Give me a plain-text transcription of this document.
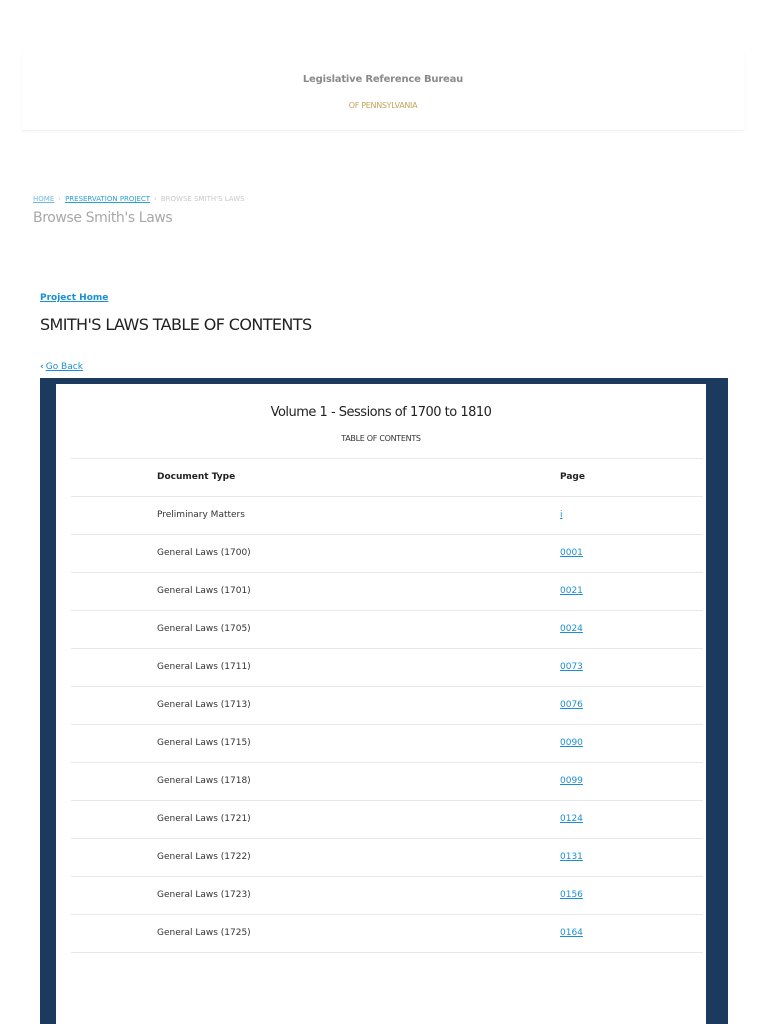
Legislative Reference Bureau
OF PENNSYLVANIA
HOME › PRESERVATION PROJECT › BROWSE SMITH'S LAWS
Browse Smith's Laws
Project Home
SMITH'S LAWS TABLE OF CONTENTS
‹ Go Back
Volume 1 - Sessions of 1700 to 1810
TABLE OF CONTENTS
Document Type	Page
Preliminary Matters	i
General Laws (1700)	0001
General Laws (1701)	0021
General Laws (1705)	0024
General Laws (1711)	0073
General Laws (1713)	0076
General Laws (1715)	0090
General Laws (1718)	0099
General Laws (1721)	0124
General Laws (1722)	0131
General Laws (1723)	0156
General Laws (1725)	0164
